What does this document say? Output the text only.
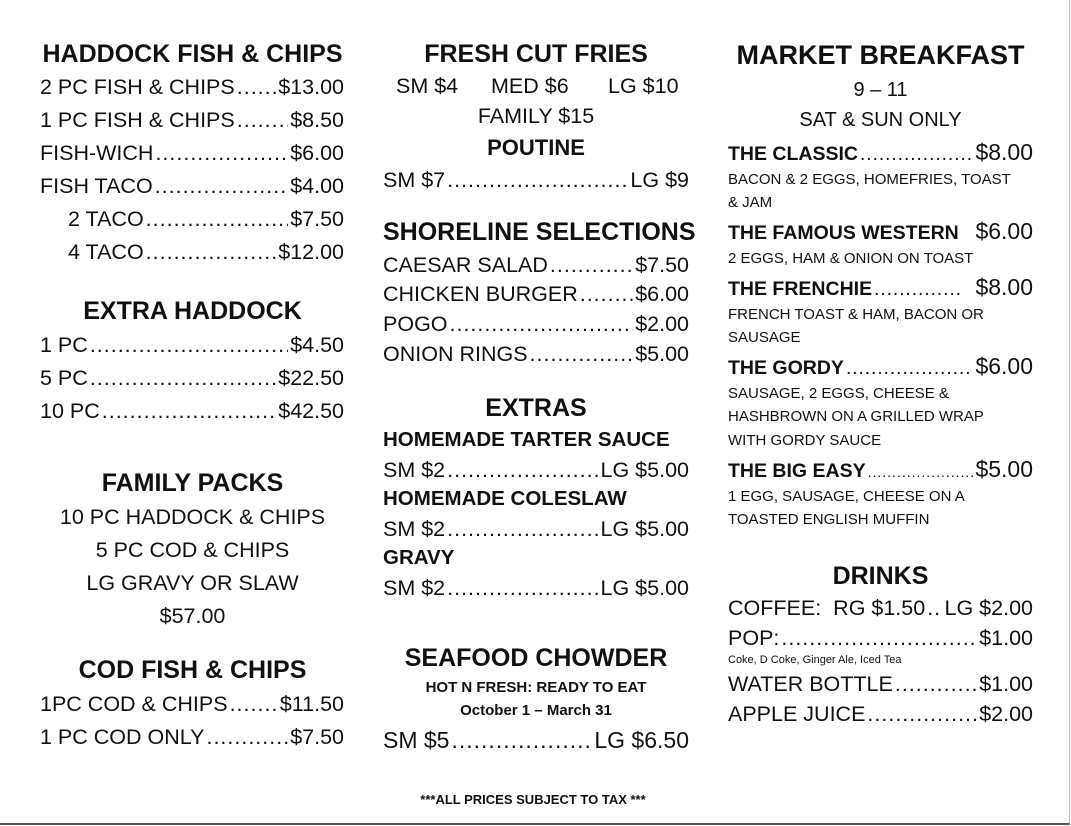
HADDOCK FISH & CHIPS
2 PC FISH & CHIPS ..... $13.00
1 PC FISH & CHIPS .....	$8.50
FISH-WICH .....	$6.00
FISH TACO .....	$4.00
2 TACO .....	$7.50
4 TACO .....	$12.00
EXTRA HADDOCK
1 PC .....	$4.50
5 PC .....	$22.50
10 PC .....	$42.50
FAMILY PACKS
10 PC HADDOCK & CHIPS
5 PC COD & CHIPS
LG GRAVY OR SLAW
$57.00
COD FISH & CHIPS
1PC COD & CHIPS ..... $11.50
1 PC COD ONLY .....	$7.50
FRESH CUT FRIES
SM $4 MED $6 LG $10
FAMILY $15
POUTINE
SM $7 .....	LG $9
SHORELINE SELECTIONS
CAESAR SALAD .....	$7.50
CHICKEN BURGER .....	$6.00
POGO .....	$2.00
ONION RINGS .....	$5.00
EXTRAS
HOMEMADE TARTER SAUCE
SM $2 .....	LG $5.00
HOMEMADE COLESLAW
SM $2 .....	LG $5.00
GRAVY
SM $2 .....	LG $5.00
SEAFOOD CHOWDER
HOT N FRESH: READY TO EAT
October 1 – March 31
SM $5 .....	LG $6.50
***ALL PRICES SUBJECT TO TAX ***
MARKET BREAKFAST
9 – 11
SAT & SUN ONLY
THE CLASSIC .....	$8.00
BACON & 2 EGGS, HOMEFRIES, TOAST
& JAM
THE FAMOUS WESTERN $6.00
2 EGGS, HAM & ONION ON TOAST
THE FRENCHIE .....	$8.00
FRENCH TOAST & HAM, BACON OR
SAUSAGE
THE GORDY .....	$6.00
SAUSAGE, 2 EGGS, CHEESE &
HASHBROWN ON A GRILLED WRAP
WITH GORDY SAUCE
THE BIG EASY .....	$5.00
1 EGG, SAUSAGE, CHEESE ON A
TOASTED ENGLISH MUFFIN
DRINKS
COFFEE: RG $1.50 ..... LG $2.00
POP: .....	$1.00
Coke, D Coke, Ginger Ale, Iced Tea
WATER BOTTLE .....	$1.00
APPLE JUICE .....	$2.00
